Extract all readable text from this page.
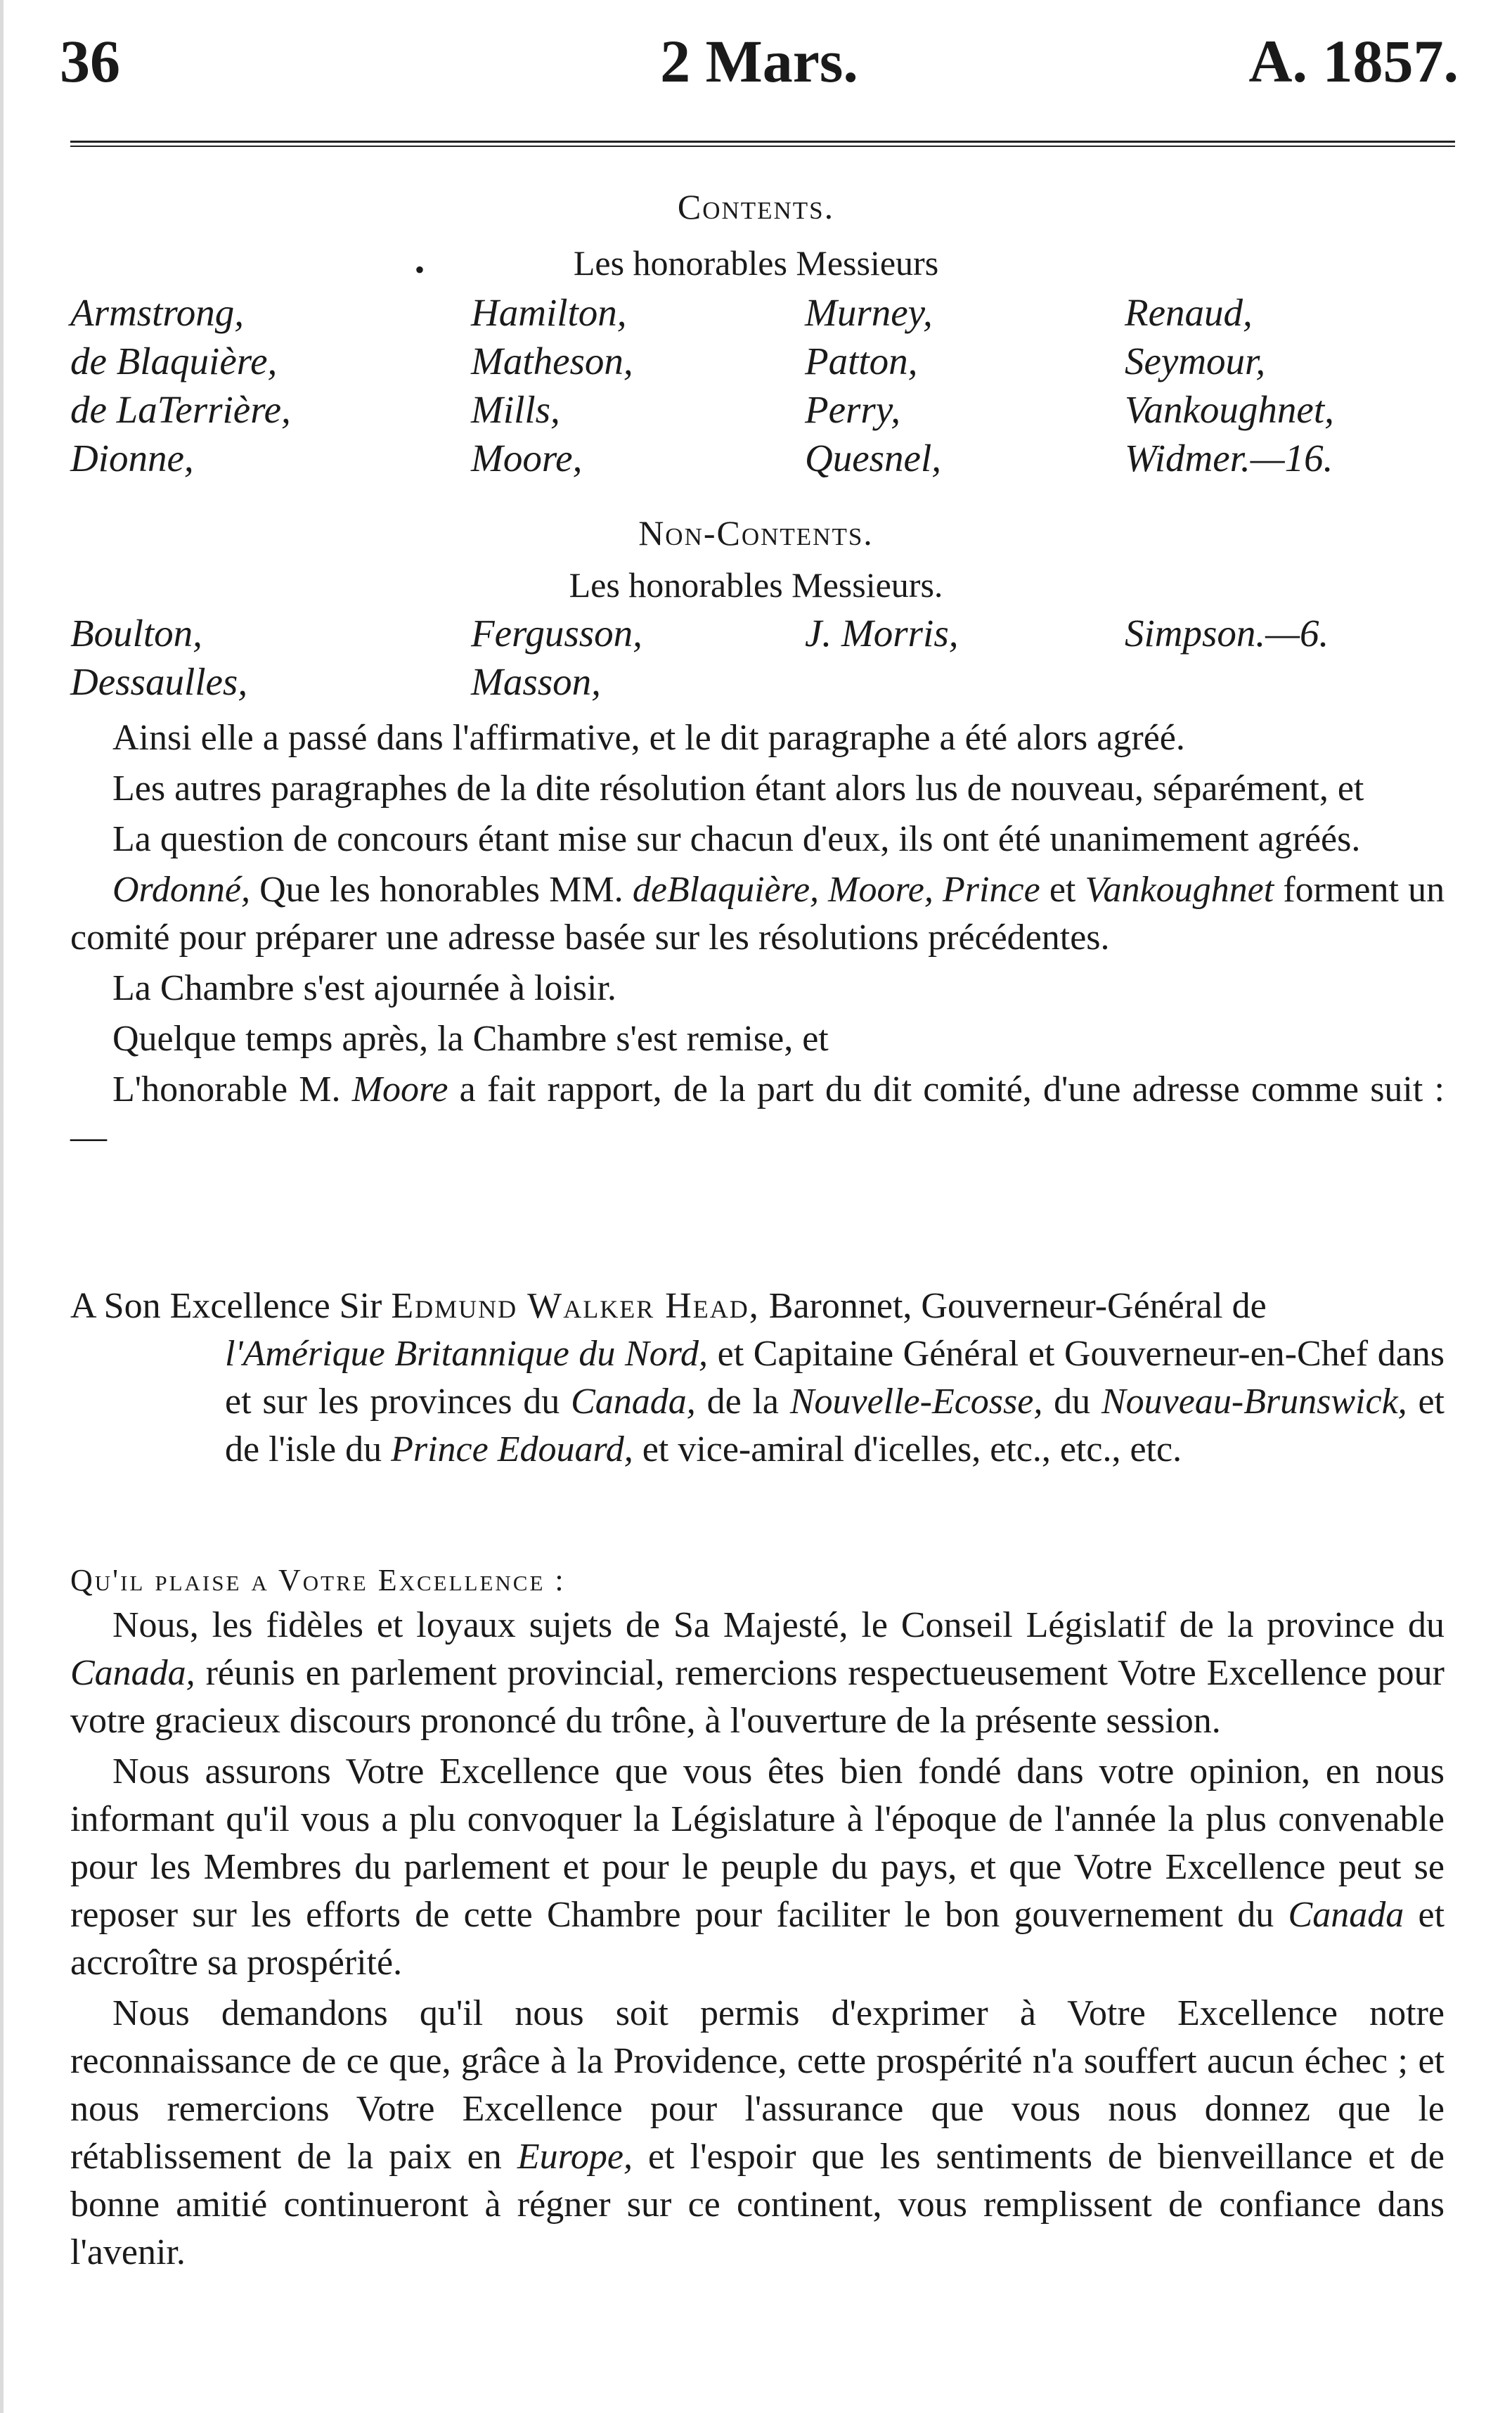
36	2 Mars.	A. 1857.
Contents.
•	Les honorables Messieurs
Armstrong,	Hamilton,	Murney,	Renaud,
de Blaquière,	Matheson,	Patton,	Seymour,
de LaTerrière,	Mills,	Perry,	Vankoughnet,
Dionne,	Moore,	Quesnel,	Widmer.—16.
Non-Contents.
Les honorables Messieurs.
Boulton,	Fergusson,	J. Morris,	Simpson.—6.
Dessaulles,	Masson,

Ainsi elle a passé dans l'affirmative, et le dit paragraphe a été alors agréé.

Les autres paragraphes de la dite résolution étant alors lus de nouveau, séparément, et

La question de concours étant mise sur chacun d'eux, ils ont été unanimement agréés.

Ordonné, Que les honorables MM. deBlaquière, Moore, Prince et Vankoughnet forment un comité pour préparer une adresse basée sur les résolutions précédentes.

La Chambre s'est ajournée à loisir.

Quelque temps après, la Chambre s'est remise, et

L'honorable M. Moore a fait rapport, de la part du dit comité, d'une adresse comme suit :—

A Son Excellence Sir Edmund Walker Head, Baronnet, Gouverneur-Général de

l'Amérique Britannique du Nord, et Capitaine Général et Gouverneur-en-Chef dans et sur les provinces du Canada, de la Nouvelle-Ecosse, du Nouveau-Brunswick, et de l'isle du Prince Edouard, et vice-amiral d'icelles, etc., etc., etc.

Qu'il plaise a Votre Excellence :

Nous, les fidèles et loyaux sujets de Sa Majesté, le Conseil Législatif de la province du Canada, réunis en parlement provincial, remercions respectueusement Votre Excellence pour votre gracieux discours prononcé du trône, à l'ouverture de la présente session.

Nous assurons Votre Excellence que vous êtes bien fondé dans votre opinion, en nous informant qu'il vous a plu convoquer la Législature à l'époque de l'année la plus convenable pour les Membres du parlement et pour le peuple du pays, et que Votre Excellence peut se reposer sur les efforts de cette Chambre pour faciliter le bon gouvernement du Canada et accroître sa prospérité.

Nous demandons qu'il nous soit permis d'exprimer à Votre Excellence notre reconnaissance de ce que, grâce à la Providence, cette prospérité n'a souffert aucun échec ; et nous remercions Votre Excellence pour l'assurance que vous nous donnez que le rétablissement de la paix en Europe, et l'espoir que les sentiments de bienveillance et de bonne amitié continueront à régner sur ce continent, vous remplissent de confiance dans l'avenir.
